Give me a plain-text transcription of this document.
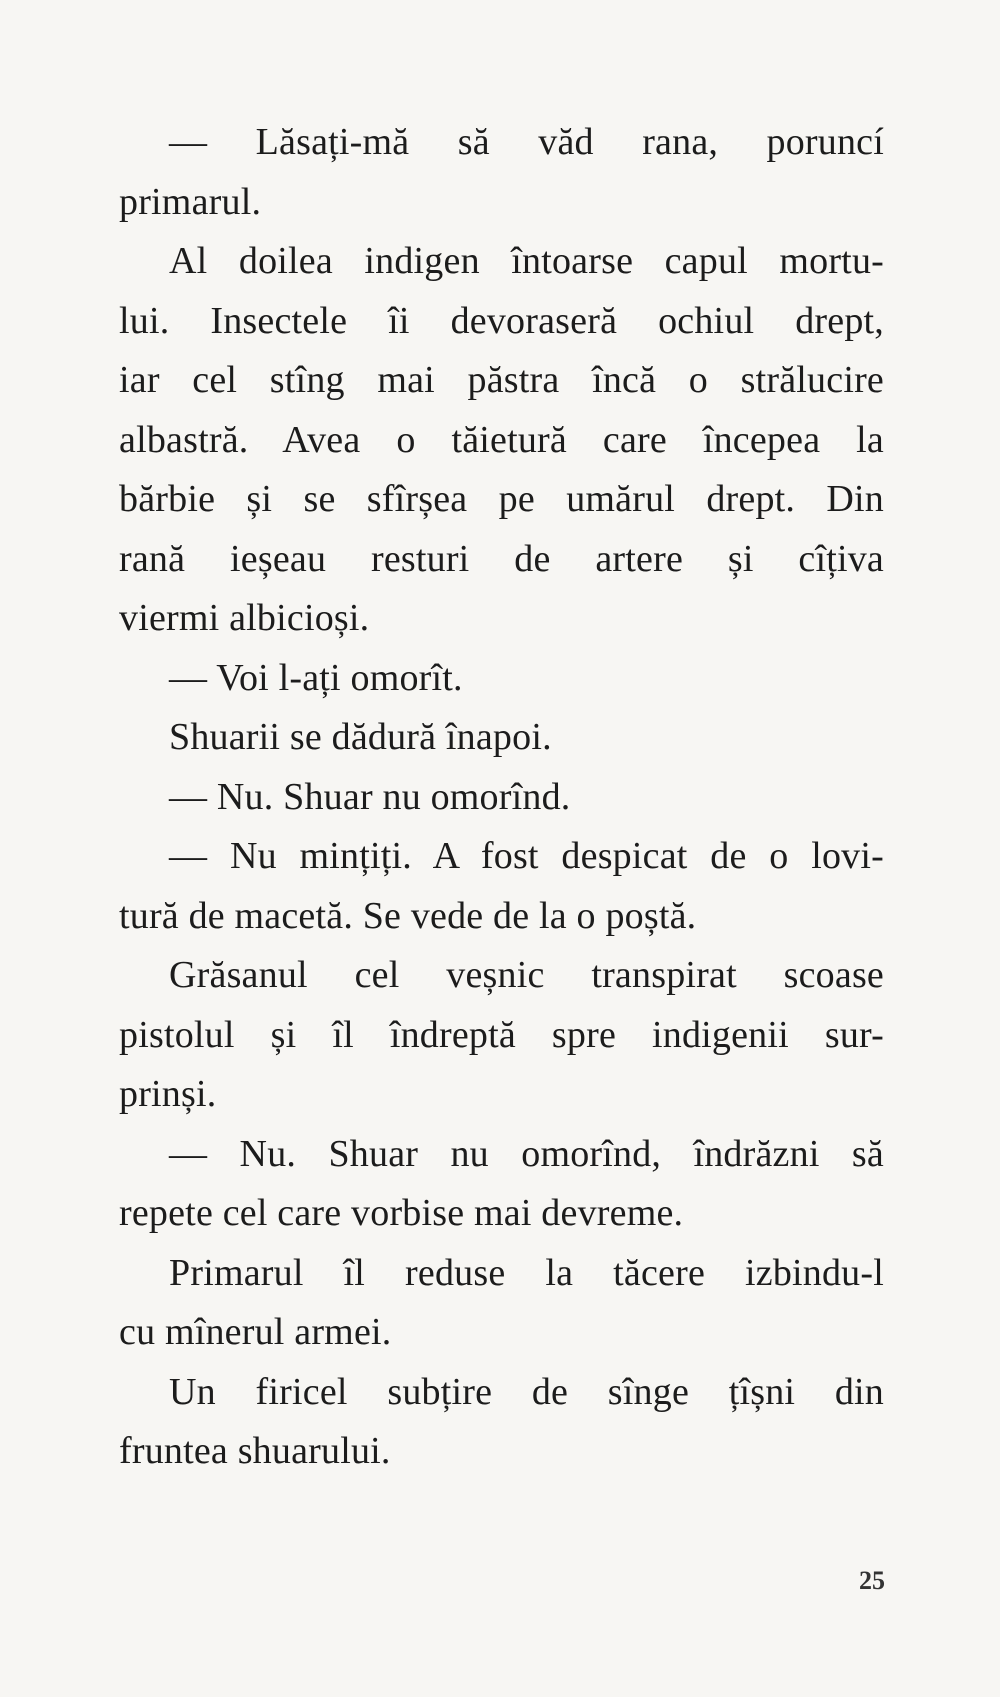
— Lăsați-mă să văd rana, poruncí
primarul.
Al doilea indigen întoarse capul mortu-
lui. Insectele îi devoraseră ochiul drept,
iar cel stîng mai păstra încă o strălucire
albastră. Avea o tăietură care începea la
bărbie și se sfîrșea pe umărul drept. Din
rană ieșeau resturi de artere și cîțiva
viermi albicioși.
— Voi l-ați omorît.
Shuarii se dădură înapoi.
— Nu. Shuar nu omorînd.
— Nu mințiți. A fost despicat de o lovi-
tură de macetă. Se vede de la o poștă.
Grăsanul cel veșnic transpirat scoase
pistolul și îl îndreptă spre indigenii sur-
prinși.
— Nu. Shuar nu omorînd, îndrăzni să
repete cel care vorbise mai devreme.
Primarul îl reduse la tăcere izbindu-l
cu mînerul armei.
Un firicel subțire de sînge țîșni din
fruntea shuarului.
25
